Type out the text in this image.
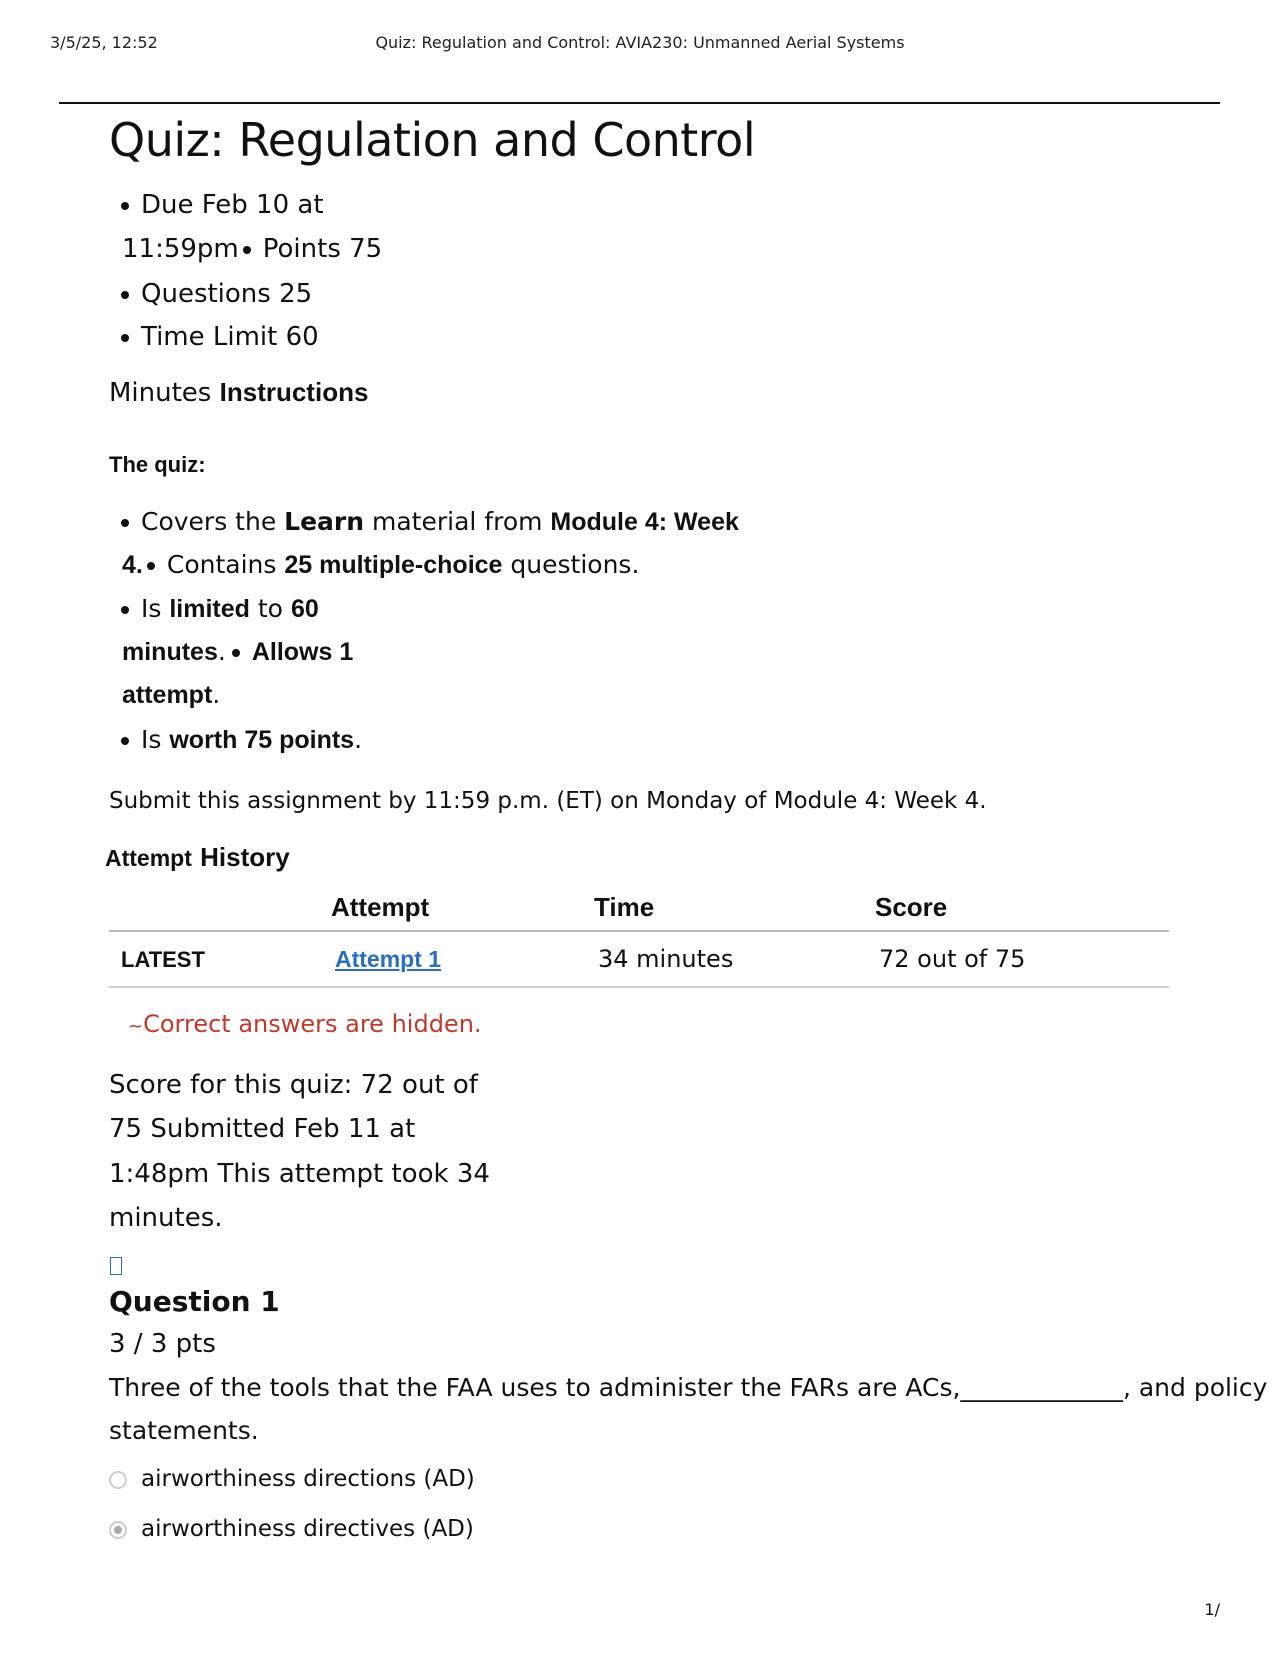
3/5/25, 12:52	Quiz: Regulation and Control: AVIA230: Unmanned Aerial Systems
Quiz: Regulation and Control
Due Feb 10 at
11:59pm Points 75
Questions 25
Time Limit 60
Minutes Instructions
The quiz:
Covers the Learn material from Module 4: Week
4. Contains 25 multiple-choice questions.
Is limited to 60
minutes. Allows 1
attempt.
Is worth 75 points.
Submit this assignment by 11:59 p.m. (ET) on Monday of Module 4: Week 4.
Attempt History
	Attempt	Time	Score
LATEST	Attempt 1	34 minutes	72 out of 75
~Correct answers are hidden.
Score for this quiz: 72 out of
75 Submitted Feb 11 at
1:48pm This attempt took 34
minutes.
Question 1
3 / 3 pts
Three of the tools that the FAA uses to administer the FARs are ACs,_____________, and policy
statements.
airworthiness directions (AD)
airworthiness directives (AD)
1/
